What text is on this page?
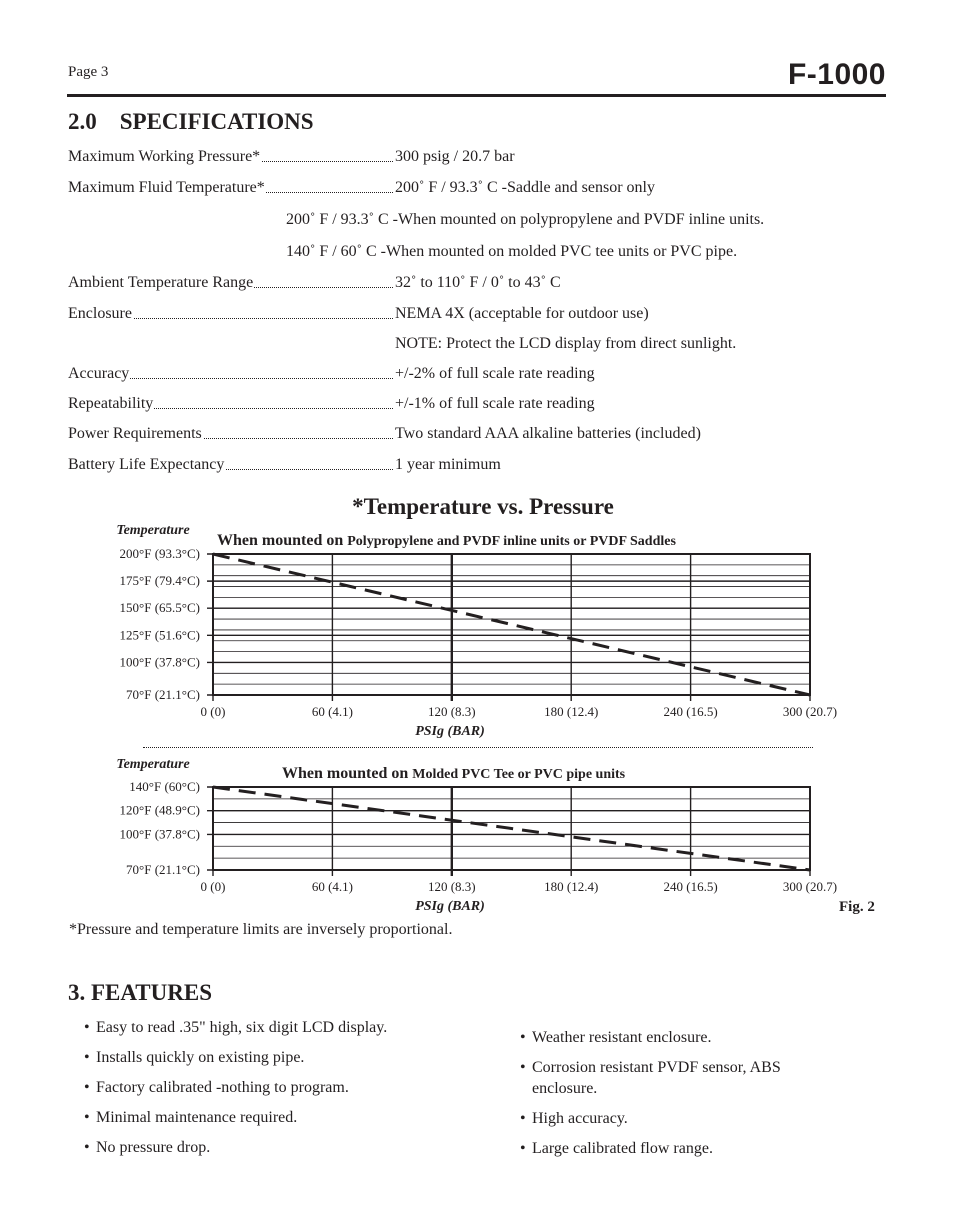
Page 3	F-1000
2.0    SPECIFICATIONS
Maximum Working Pressure*	300 psig / 20.7 bar
Maximum Fluid Temperature*	200˚ F / 93.3˚ C -Saddle and sensor only
200˚ F / 93.3˚ C -When mounted on polypropylene and PVDF inline units.
140˚ F / 60˚ C -When mounted on molded PVC tee units or PVC pipe.
Ambient Temperature Range	32˚ to 110˚ F / 0˚ to 43˚ C
Enclosure	NEMA 4X (acceptable for outdoor use)
NOTE: Protect the LCD display from direct sunlight.
Accuracy	+/-2% of full scale rate reading
Repeatability	+/-1% of full scale rate reading
Power Requirements	Two standard AAA alkaline batteries (included)
Battery Life Expectancy	1 year minimum
*Temperature vs. Pressure
200°F (93.3°C)
175°F (79.4°C)
150°F (65.5°C)
125°F (51.6°C)
100°F (37.8°C)
70°F (21.1°C)
0 (0)	60 (4.1)	120 (8.3)	180 (12.4)	240 (16.5)	300 (20.7)
Temperature
PSIg (BAR)
When mounted on Polypropylene and PVDF inline units or PVDF Saddles
140°F (60°C)
120°F (48.9°C)
100°F (37.8°C)
70°F (21.1°C)
0 (0)	60 (4.1)	120 (8.3)	180 (12.4)	240 (16.5)	300 (20.7)
Temperature
PSIg (BAR)
When mounted on Molded PVC Tee or PVC pipe units
Fig. 2
*Pressure and temperature limits are inversely proportional.
3. FEATURES
• Easy to read .35" high, six digit LCD display.
• Installs quickly on existing pipe.
• Factory calibrated -nothing to program.
• Minimal maintenance required.
• No pressure drop.
• Weather resistant enclosure.
• Corrosion resistant PVDF sensor, ABS enclosure.
• High accuracy.
• Large calibrated flow range.
